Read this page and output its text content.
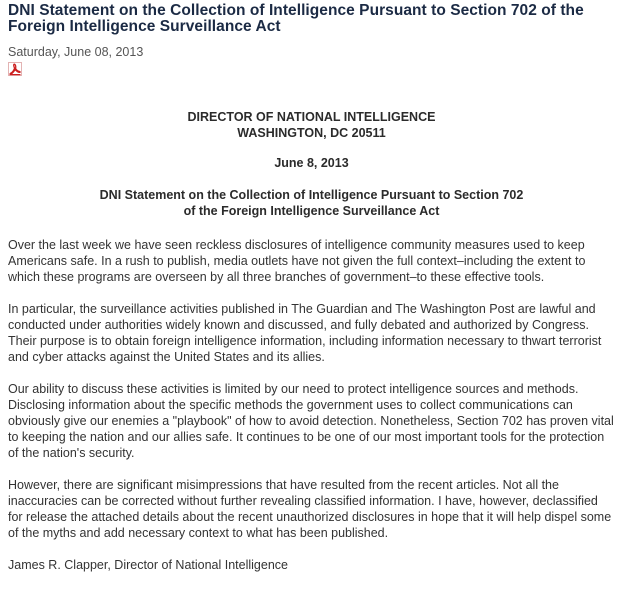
DNI Statement on the Collection of Intelligence Pursuant to Section 702 of the Foreign Intelligence Surveillance Act
Saturday, June 08, 2013
DIRECTOR OF NATIONAL INTELLIGENCE
WASHINGTON, DC 20511
June 8, 2013
DNI Statement on the Collection of Intelligence Pursuant to Section 702
of the Foreign Intelligence Surveillance Act

Over the last week we have seen reckless disclosures of intelligence community measures used to keep Americans safe. In a rush to publish, media outlets have not given the full context–including the extent to which these programs are overseen by all three branches of government–to these effective tools.

In particular, the surveillance activities published in The Guardian and The Washington Post are lawful and conducted under authorities widely known and discussed, and fully debated and authorized by Congress. Their purpose is to obtain foreign intelligence information, including information necessary to thwart terrorist and cyber attacks against the United States and its allies.

Our ability to discuss these activities is limited by our need to protect intelligence sources and methods. Disclosing information about the specific methods the government uses to collect communications can obviously give our enemies a "playbook" of how to avoid detection. Nonetheless, Section 702 has proven vital to keeping the nation and our allies safe. It continues to be one of our most important tools for the protection of the nation's security.

However, there are significant misimpressions that have resulted from the recent articles. Not all the inaccuracies can be corrected without further revealing classified information. I have, however, declassified for release the attached details about the recent unauthorized disclosures in hope that it will help dispel some of the myths and add necessary context to what has been published.

James R. Clapper, Director of National Intelligence
